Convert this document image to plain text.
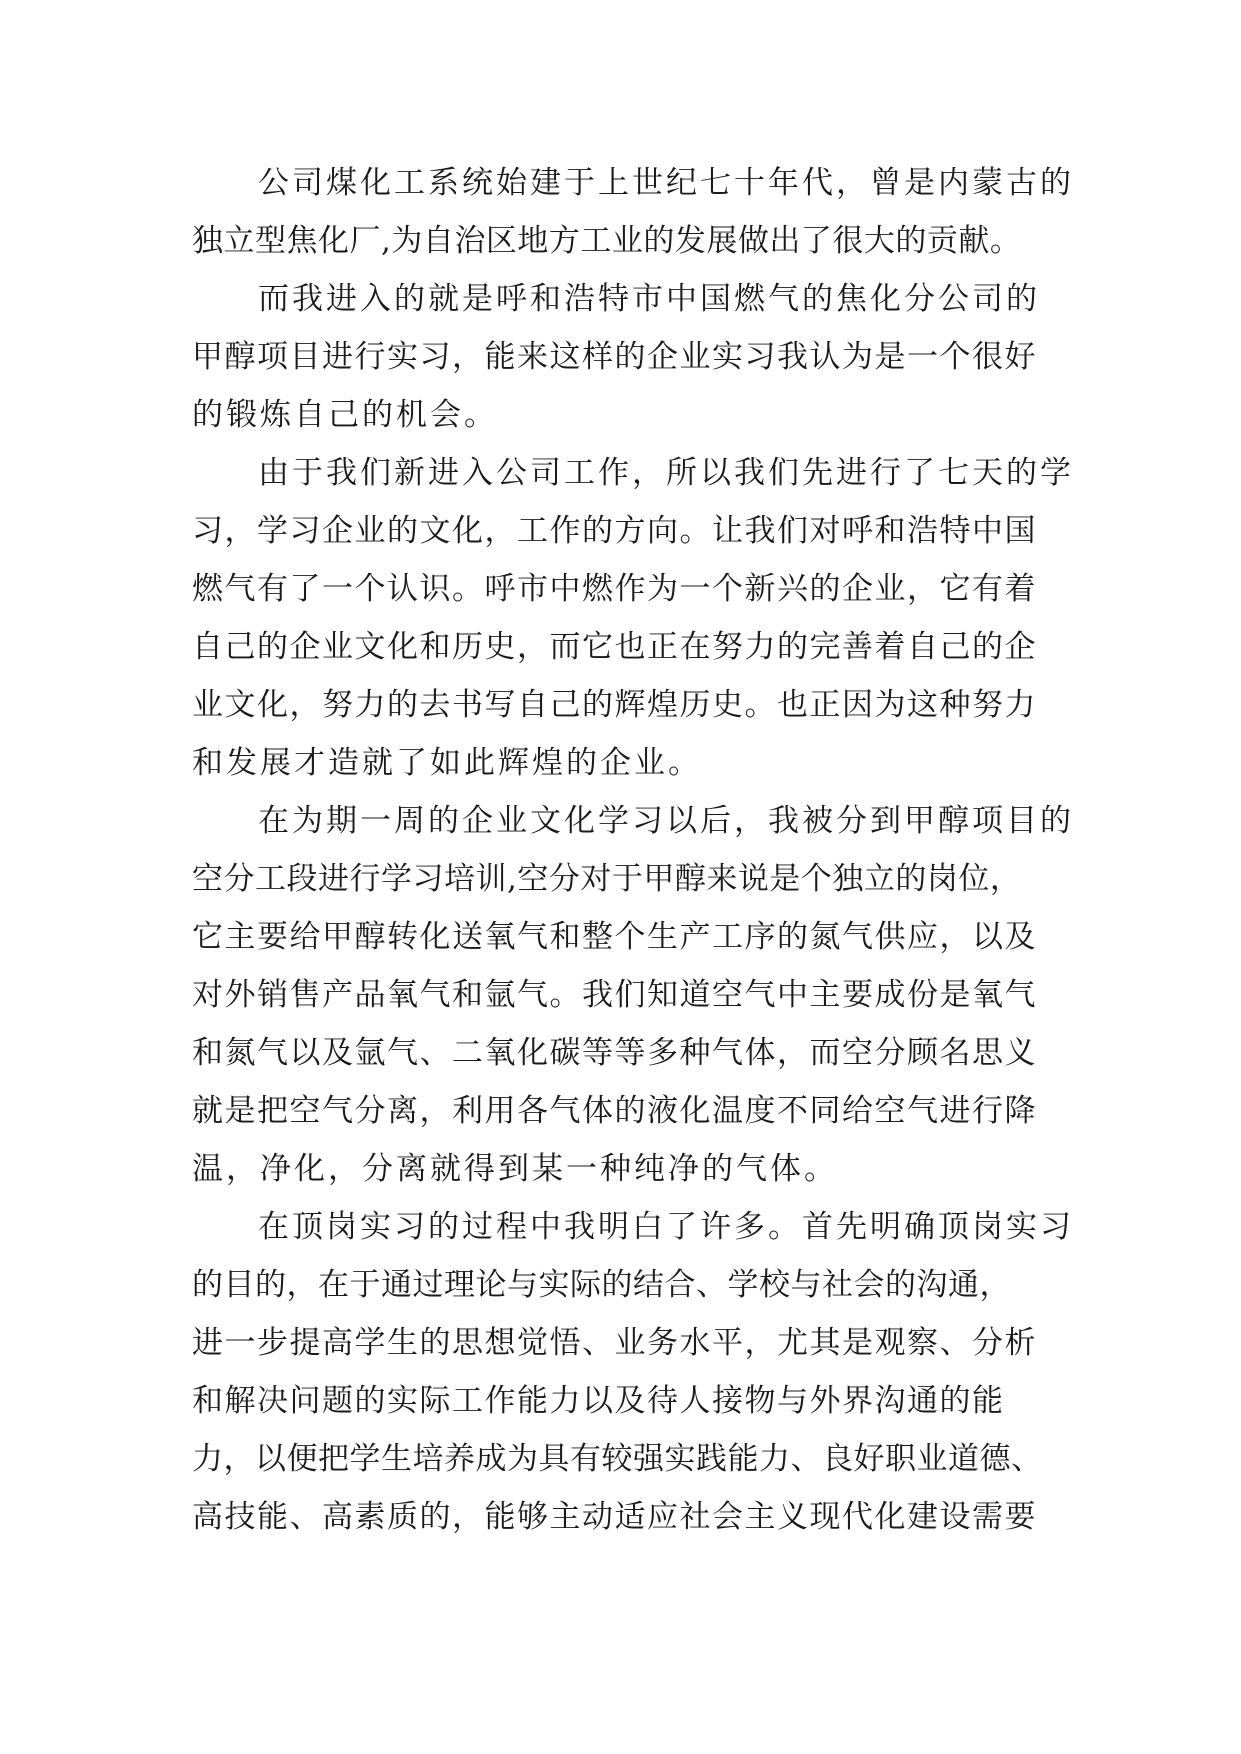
公司煤化工系统始建于上世纪七十年代，曾是内蒙古的
独立型焦化厂,为自治区地方工业的发展做出了很大的贡献。
而我进入的就是呼和浩特市中国燃气的焦化分公司的
甲醇项目进行实习，能来这样的企业实习我认为是一个很好
的锻炼自己的机会。
由于我们新进入公司工作，所以我们先进行了七天的学
习，学习企业的文化，工作的方向。让我们对呼和浩特中国
燃气有了一个认识。呼市中燃作为一个新兴的企业，它有着
自己的企业文化和历史，而它也正在努力的完善着自己的企
业文化，努力的去书写自己的辉煌历史。也正因为这种努力
和发展才造就了如此辉煌的企业。
在为期一周的企业文化学习以后，我被分到甲醇项目的
空分工段进行学习培训,空分对于甲醇来说是个独立的岗位，
它主要给甲醇转化送氧气和整个生产工序的氮气供应，以及
对外销售产品氧气和氩气。我们知道空气中主要成份是氧气
和氮气以及氩气、二氧化碳等等多种气体，而空分顾名思义
就是把空气分离，利用各气体的液化温度不同给空气进行降
温，净化，分离就得到某一种纯净的气体。
在顶岗实习的过程中我明白了许多。首先明确顶岗实习
的目的，在于通过理论与实际的结合、学校与社会的沟通，
进一步提高学生的思想觉悟、业务水平，尤其是观察、分析
和解决问题的实际工作能力以及待人接物与外界沟通的能
力，以便把学生培养成为具有较强实践能力、良好职业道德、
高技能、高素质的，能够主动适应社会主义现代化建设需要
